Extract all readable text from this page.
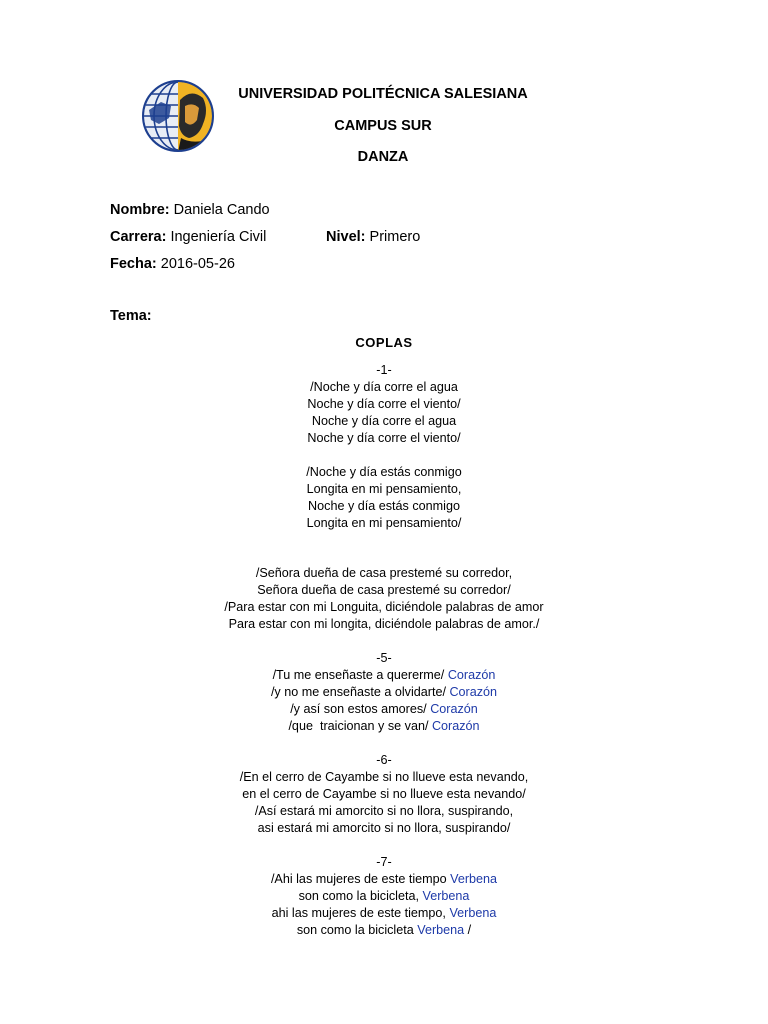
UNIVERSIDAD POLITÉCNICA SALESIANA
CAMPUS SUR
DANZA
Nombre: Daniela Cando
Carrera: Ingeniería Civil	Nivel: Primero
Fecha: 2016-05-26
Tema:
COPLAS
-1-
/Noche y día corre el agua
Noche y día corre el viento/
Noche y día corre el agua
Noche y día corre el viento/
/Noche y día estás conmigo
Longita en mi pensamiento,
Noche y día estás conmigo
Longita en mi pensamiento/
/Señora dueña de casa prestemé su corredor,
Señora dueña de casa prestemé su corredor/
/Para estar con mi Longuita, diciéndole palabras de amor
Para estar con mi longita, diciéndole palabras de amor./
-5-
/Tu me enseñaste a quererme/ Corazón
/y no me enseñaste a olvidarte/ Corazón
/y así son estos amores/ Corazón
/que  traicionan y se van/ Corazón
-6-
/En el cerro de Cayambe si no llueve esta nevando,
en el cerro de Cayambe si no llueve esta nevando/
/Así estará mi amorcito si no llora, suspirando,
asi estará mi amorcito si no llora, suspirando/
-7-
/Ahi las mujeres de este tiempo Verbena
son como la bicicleta, Verbena
ahi las mujeres de este tiempo, Verbena
son como la bicicleta Verbena /
